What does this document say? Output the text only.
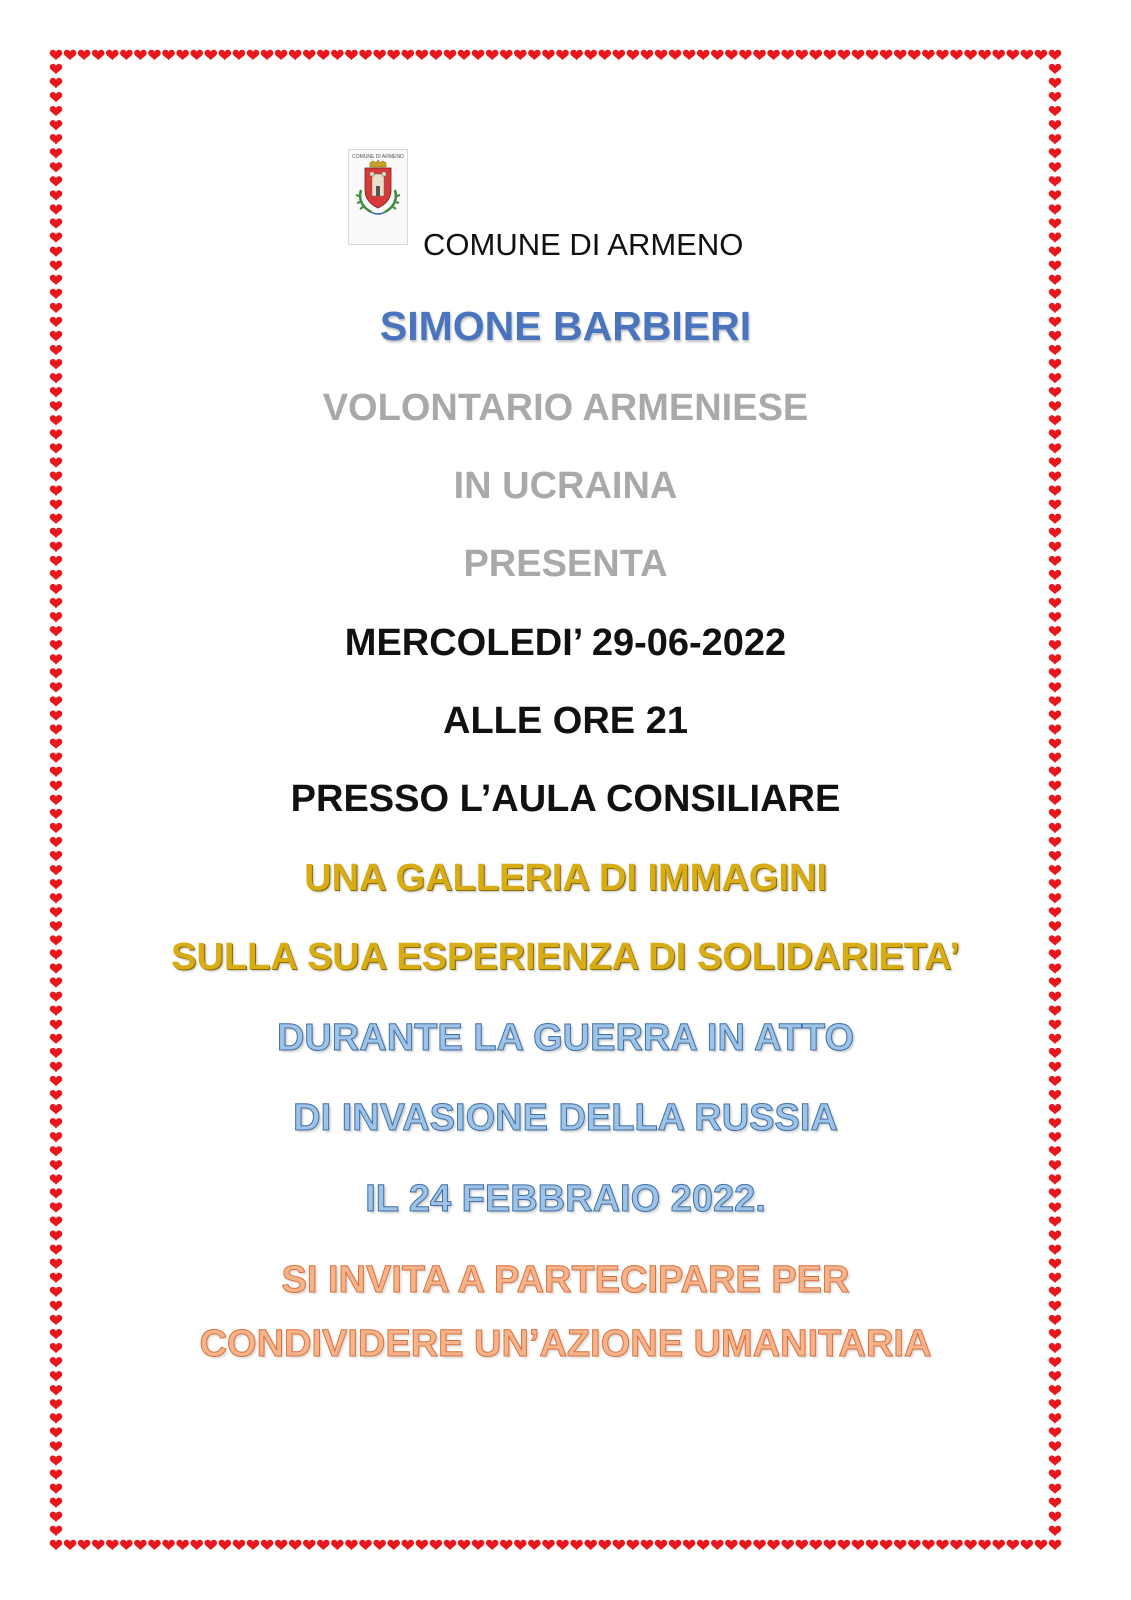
COMUNE DI ARMENO
COMUNE DI ARMENO
SIMONE BARBIERI
VOLONTARIO ARMENIESE
IN UCRAINA
PRESENTA
MERCOLEDI’ 29-06-2022
ALLE ORE 21
PRESSO L’AULA CONSILIARE
UNA GALLERIA DI IMMAGINI
SULLA SUA ESPERIENZA DI SOLIDARIETA’
DURANTE LA GUERRA IN ATTO
DI INVASIONE DELLA RUSSIA
IL 24 FEBBRAIO 2022.
SI INVITA A PARTECIPARE PER
CONDIVIDERE UN’AZIONE UMANITARIA
